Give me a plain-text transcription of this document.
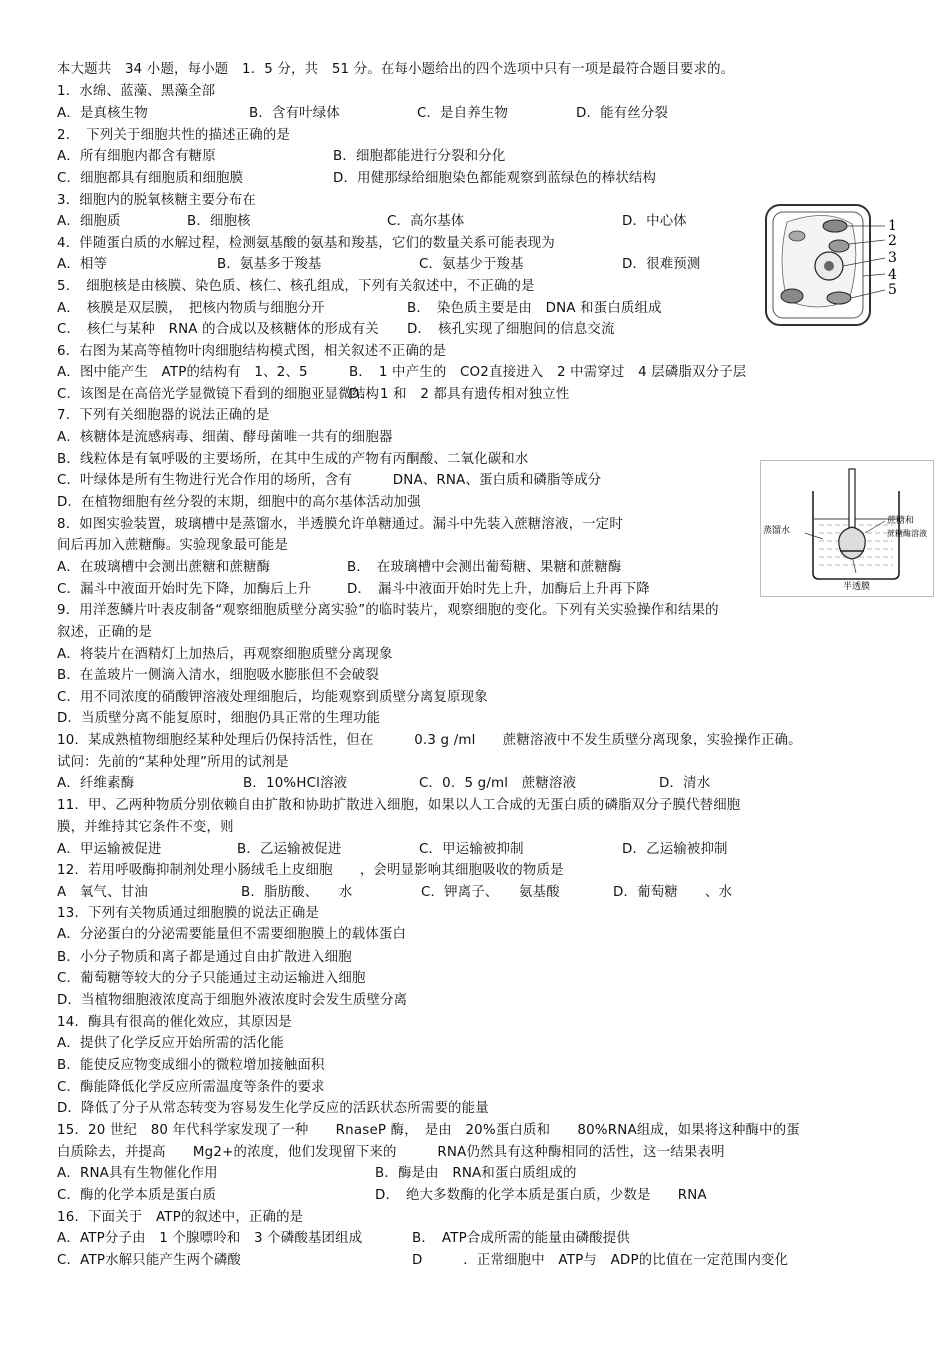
本大题共　34 小题，每小题　1．5 分，共　51 分。在每小题给出的四个选项中只有一项是最符合题目要求的。
1．水绵、蓝藻、黑藻全部
A．是真核生物	B．含有叶绿体	C．是自养生物	D．能有丝分裂
2．　下列关于细胞共性的描述正确的是
A．所有细胞内都含有糖原	B．细胞都能进行分裂和分化
C．细胞都具有细胞质和细胞膜	D．用健那绿给细胞染色都能观察到蓝绿色的棒状结构
3．细胞内的脱氧核糖主要分布在
A．细胞质	B．细胞核	C．高尔基体	D．中心体
4．伴随蛋白质的水解过程，检测氨基酸的氨基和羧基，它们的数量关系可能表现为
A．相等	B．氨基多于羧基	C．氨基少于羧基	D．很难预测
5．　细胞核是由核膜、染色质、核仁、核孔组成，下列有关叙述中，不正确的是
A．　核膜是双层膜，　把核内物质与细胞分开	B．　染色质主要是由　DNA 和蛋白质组成
C．　核仁与某种　RNA 的合成以及核糖体的形成有关 D．　核孔实现了细胞间的信息交流
6．右图为某高等植物叶肉细胞结构模式图，相关叙述不正确的是
A．图中能产生　ATP的结构有　1、2、5	B．　1 中产生的　CO2直接进入　2 中需穿过　4 层磷脂双分子层
C．该图是在高倍光学显微镜下看到的细胞亚显微结构
D．　1 和　2 都具有遗传相对独立性
7．下列有关细胞器的说法正确的是
A．核糖体是流感病毒、细菌、酵母菌唯一共有的细胞器
B．线粒体是有氧呼吸的主要场所，在其中生成的产物有丙酮酸、二氧化碳和水
C．叶绿体是所有生物进行光合作用的场所，含有　　　DNA、RNA、蛋白质和磷脂等成分
D．在植物细胞有丝分裂的末期，细胞中的高尔基体活动加强
8．如图实验装置，玻璃槽中是蒸馏水，半透膜允许单糖通过。漏斗中先装入蔗糖溶液，一定时
间后再加入蔗糖酶。实验现象最可能是
A．在玻璃槽中会测出蔗糖和蔗糖酶	B．　在玻璃槽中会测出葡萄糖、果糖和蔗糖酶
C．漏斗中液面开始时先下降，加酶后上升	D．　漏斗中液面开始时先上升，加酶后上升再下降
9．用洋葱鳞片叶表皮制备“观察细胞质壁分离实验”的临时装片，观察细胞的变化。下列有关实验操作和结果的
叙述，正确的是
A．将装片在酒精灯上加热后，再观察细胞质壁分离现象
B．在盖玻片一侧滴入清水，细胞吸水膨胀但不会破裂
C．用不同浓度的硝酸钾溶液处理细胞后，均能观察到质壁分离复原现象
D．当质壁分离不能复原时，细胞仍具正常的生理功能
10．某成熟植物细胞经某种处理后仍保持活性，但在　　　0.3 g /ml　　蔗糖溶液中不发生质壁分离现象，实验操作正确。
试问：先前的“某种处理”所用的试剂是
A．纤维素酶	B．10%HCl溶液	C．0．5 g/ml　蔗糖溶液	D．清水
11．甲、乙两种物质分别依赖自由扩散和协助扩散进入细胞，如果以人工合成的无蛋白质的磷脂双分子膜代替细胞
膜，并维持其它条件不变，则
A．甲运输被促进	B．乙运输被促进	C．甲运输被抑制	D．乙运输被抑制
12．若用呼吸酶抑制剂处理小肠绒毛上皮细胞　　，会明显影响其细胞吸收的物质是
A　氧气、甘油	B．脂肪酸、　　水	C．钾离子、　　氨基酸	D．葡萄糖　　、水
13．下列有关物质通过细胞膜的说法正确是
A．分泌蛋白的分泌需要能量但不需要细胞膜上的载体蛋白
B．小分子物质和离子都是通过自由扩散进入细胞
C．葡萄糖等较大的分子只能通过主动运输进入细胞
D．当植物细胞液浓度高于细胞外液浓度时会发生质壁分离
14．酶具有很高的催化效应，其原因是
A．提供了化学反应开始所需的活化能
B．能使反应物变成细小的微粒增加接触面积
C．酶能降低化学反应所需温度等条件的要求
D．降低了分子从常态转变为容易发生化学反应的活跃状态所需要的能量
15．20 世纪　80 年代科学家发现了一种　　RnaseP 酶，　是由　20%蛋白质和　　80%RNA组成，如果将这种酶中的蛋
白质除去，并提高　　Mg2+的浓度，他们发现留下来的　　　RNA仍然具有这种酶相同的活性，这一结果表明
A．RNA具有生物催化作用	B．酶是由　RNA和蛋白质组成的
C．酶的化学本质是蛋白质	D．　绝大多数酶的化学本质是蛋白质，少数是　　RNA
16．下面关于　ATP的叙述中，正确的是
A．ATP分子由　1 个腺嘌呤和　3 个磷酸基团组成	B．　ATP合成所需的能量由磷酸提供
C．ATP水解只能产生两个磷酸	D　　　．正常细胞中　ATP与　ADP的比值在一定范围内变化
1
2
3
4
5
蒸馏水
蔗糖和
蔗糖酶溶液
半透膜
